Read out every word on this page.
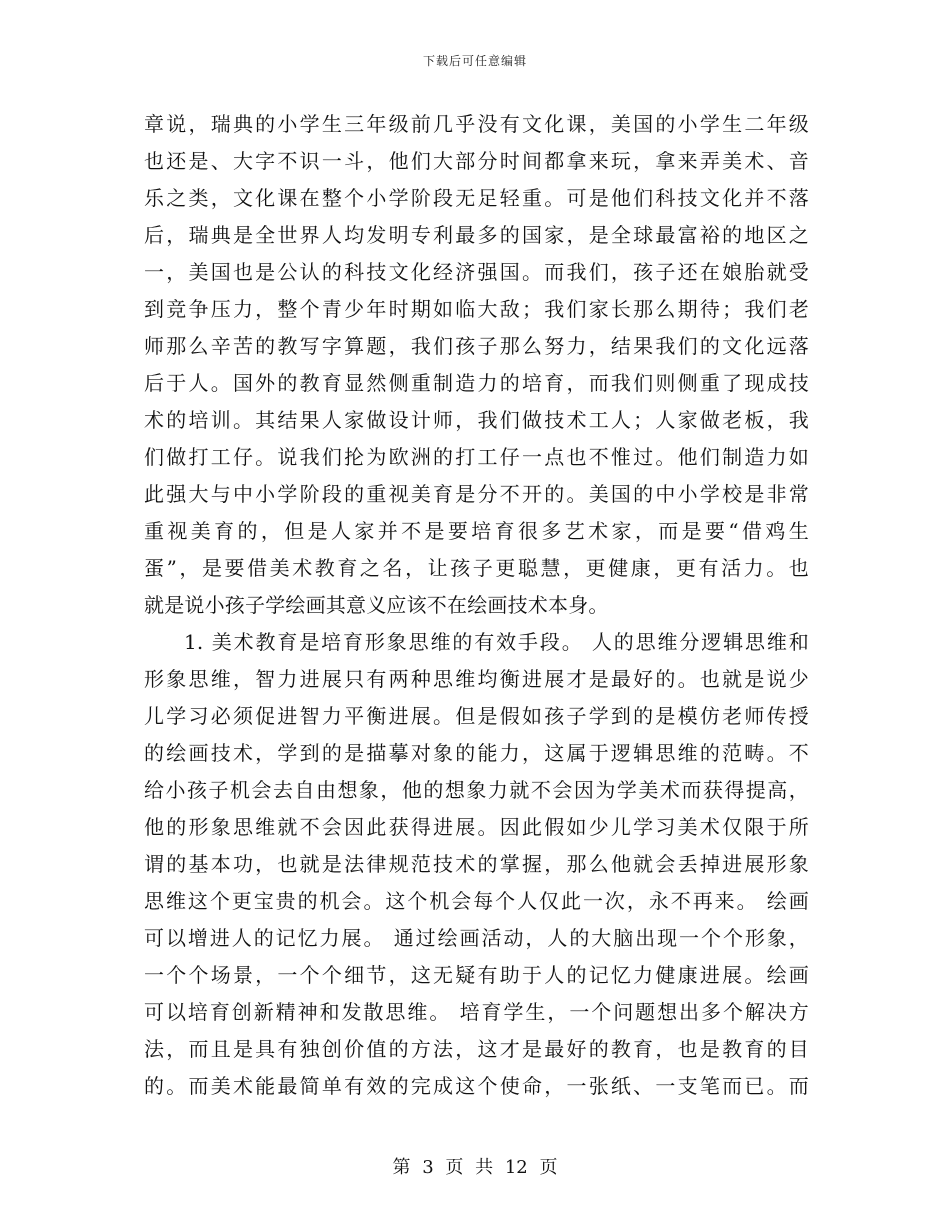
下载后可任意编辑
章说，瑞典的小学生三年级前几乎没有文化课，美国的小学生二年级
也还是、大字不识一斗，他们大部分时间都拿来玩，拿来弄美术、音
乐之类，文化课在整个小学阶段无足轻重。可是他们科技文化并不落
后，瑞典是全世界人均发明专利最多的国家，是全球最富裕的地区之
一，美国也是公认的科技文化经济强国。而我们，孩子还在娘胎就受
到竞争压力，整个青少年时期如临大敌；我们家长那么期待；我们老
师那么辛苦的教写字算题，我们孩子那么努力，结果我们的文化远落
后于人。国外的教育显然侧重制造力的培育，而我们则侧重了现成技
术的培训。其结果人家做设计师，我们做技术工人；人家做老板，我
们做打工仔。说我们抡为欧洲的打工仔一点也不惟过。他们制造力如
此强大与中小学阶段的重视美育是分不开的。美国的中小学校是非常
重视美育的，但是人家并不是要培育很多艺术家，而是要“借鸡生
蛋”，是要借美术教育之名，让孩子更聪慧，更健康，更有活力。也
就是说小孩子学绘画其意义应该不在绘画技术本身。
1. 美术教育是培育形象思维的有效手段。 人的思维分逻辑思维和
形象思维，智力进展只有两种思维均衡进展才是最好的。也就是说少
儿学习必须促进智力平衡进展。但是假如孩子学到的是模仿老师传授
的绘画技术，学到的是描摹对象的能力，这属于逻辑思维的范畴。不
给小孩子机会去自由想象，他的想象力就不会因为学美术而获得提高，
他的形象思维就不会因此获得进展。因此假如少儿学习美术仅限于所
谓的基本功，也就是法律规范技术的掌握，那么他就会丢掉进展形象
思维这个更宝贵的机会。这个机会每个人仅此一次，永不再来。 绘画
可以增进人的记忆力展。 通过绘画活动，人的大脑出现一个个形象，
一个个场景，一个个细节，这无疑有助于人的记忆力健康进展。绘画
可以培育创新精神和发散思维。 培育学生，一个问题想出多个解决方
法，而且是具有独创价值的方法，这才是最好的教育，也是教育的目
的。而美术能最简单有效的完成这个使命，一张纸、一支笔而已。而
第 3 页 共 12 页
